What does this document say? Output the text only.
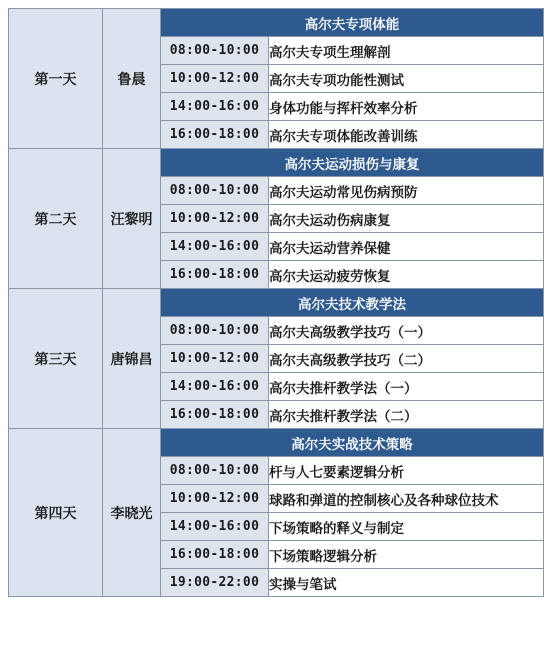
第一天	鲁晨	高尔夫专项体能	
		08:00-10:00	高尔夫专项生理解剖
		10:00-12:00	高尔夫专项功能性测试
		14:00-16:00	身体功能与挥杆效率分析
		16:00-18:00	高尔夫专项体能改善训练
第二天	汪黎明	高尔夫运动损伤与康复	
		08:00-10:00	高尔夫运动常见伤病预防
		10:00-12:00	高尔夫运动伤病康复
		14:00-16:00	高尔夫运动营养保健
		16:00-18:00	高尔夫运动疲劳恢复
第三天	唐锦昌	高尔夫技术教学法	
		08:00-10:00	高尔夫高级教学技巧（一）
		10:00-12:00	高尔夫高级教学技巧（二）
		14:00-16:00	高尔夫推杆教学法（一）
		16:00-18:00	高尔夫推杆教学法（二）
第四天	李晓光	高尔夫实战技术策略	
		08:00-10:00	杆与人七要素逻辑分析
		10:00-12:00	球路和弹道的控制核心及各种球位技术
		14:00-16:00	下场策略的释义与制定
		16:00-18:00	下场策略逻辑分析
		19:00-22:00	实操与笔试
